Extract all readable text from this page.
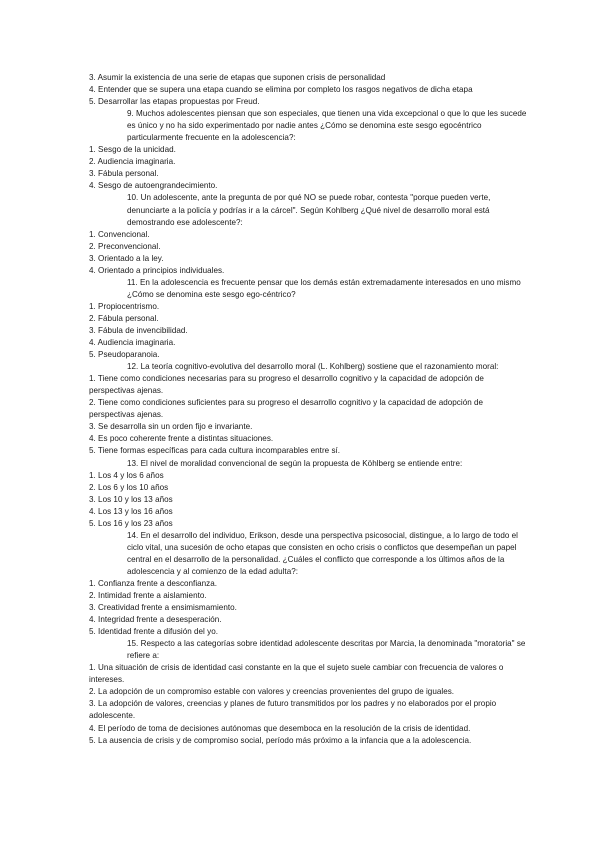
3. Asumir la existencia de una serie de etapas que suponen crisis de personalidad
4. Entender que se supera una etapa cuando se elimina por completo los rasgos negativos de dicha etapa
5. Desarrollar las etapas propuestas por Freud.
9. Muchos adolescentes piensan que son especiales, que tienen una vida excepcional o que lo que les sucede es único y no ha sido experimentado por nadie antes ¿Cómo se denomina este sesgo egocéntrico particularmente frecuente en la adolescencia?:
1. Sesgo de la unicidad.
2. Audiencia imaginaria.
3. Fábula personal.
4. Sesgo de autoengrandecimiento.
10. Un adolescente, ante la pregunta de por qué NO se puede robar, contesta "porque pueden verte, denunciarte a la policía y podrías ir a la cárcel". Según Kohlberg ¿Qué nivel de desarrollo moral está demostrando ese adolescente?:
1. Convencional.
2. Preconvencional.
3. Orientado a la ley.
4. Orientado a principios individuales.
11. En la adolescencia es frecuente pensar que los demás están extremadamente interesados en uno mismo ¿Cómo se denomina este sesgo ego-céntrico?
1. Propiocentrismo.
2. Fábula personal.
3. Fábula de invencibilidad.
4. Audiencia imaginaria.
5. Pseudoparanoia.
12. La teoría cognitivo-evolutiva del desarrollo moral (L. Kohlberg) sostiene que el razonamiento moral:
1. Tiene como condiciones necesarias para su progreso el desarrollo cognitivo y la capacidad de adopción de perspectivas ajenas.
2. Tiene como condiciones suficientes para su progreso el desarrollo cognitivo y la capacidad de adopción de perspectivas ajenas.
3. Se desarrolla sin un orden fijo e invariante.
4. Es poco coherente frente a distintas situaciones.
5. Tiene formas específicas para cada cultura incomparables entre sí.
13. El nivel de moralidad convencional de según la propuesta de Köhlberg se entiende entre:
1. Los 4 y los 6 años
2. Los 6 y los 10 años
3. Los 10 y los 13 años
4. Los 13 y los 16 años
5. Los 16 y los 23 años
14. En el desarrollo del individuo, Erikson, desde una perspectiva psicosocial, distingue, a lo largo de todo el ciclo vital, una sucesión de ocho etapas que consisten en ocho crisis o conflictos que desempeñan un papel central en el desarrollo de la personalidad. ¿Cuáles el conflicto que corresponde a los últimos años de la adolescencia y al comienzo de la edad adulta?:
1. Confianza frente a desconfianza.
2. Intimidad frente a aislamiento.
3. Creatividad frente a ensimismamiento.
4. Integridad frente a desesperación.
5. Identidad frente a difusión del yo.
15. Respecto a las categorías sobre identidad adolescente descritas por Marcia, la denominada "moratoria" se refiere a:
1. Una situación de crisis de identidad casi constante en la que el sujeto suele cambiar con frecuencia de valores o intereses.
2. La adopción de un compromiso estable con valores y creencias provenientes del grupo de iguales.
3. La adopción de valores, creencias y planes de futuro transmitidos por los padres y no elaborados por el propio adolescente.
4. El período de toma de decisiones autónomas que desemboca en la resolución de la crisis de identidad.
5. La ausencia de crisis y de compromiso social, período más próximo a la infancia que a la adolescencia.
